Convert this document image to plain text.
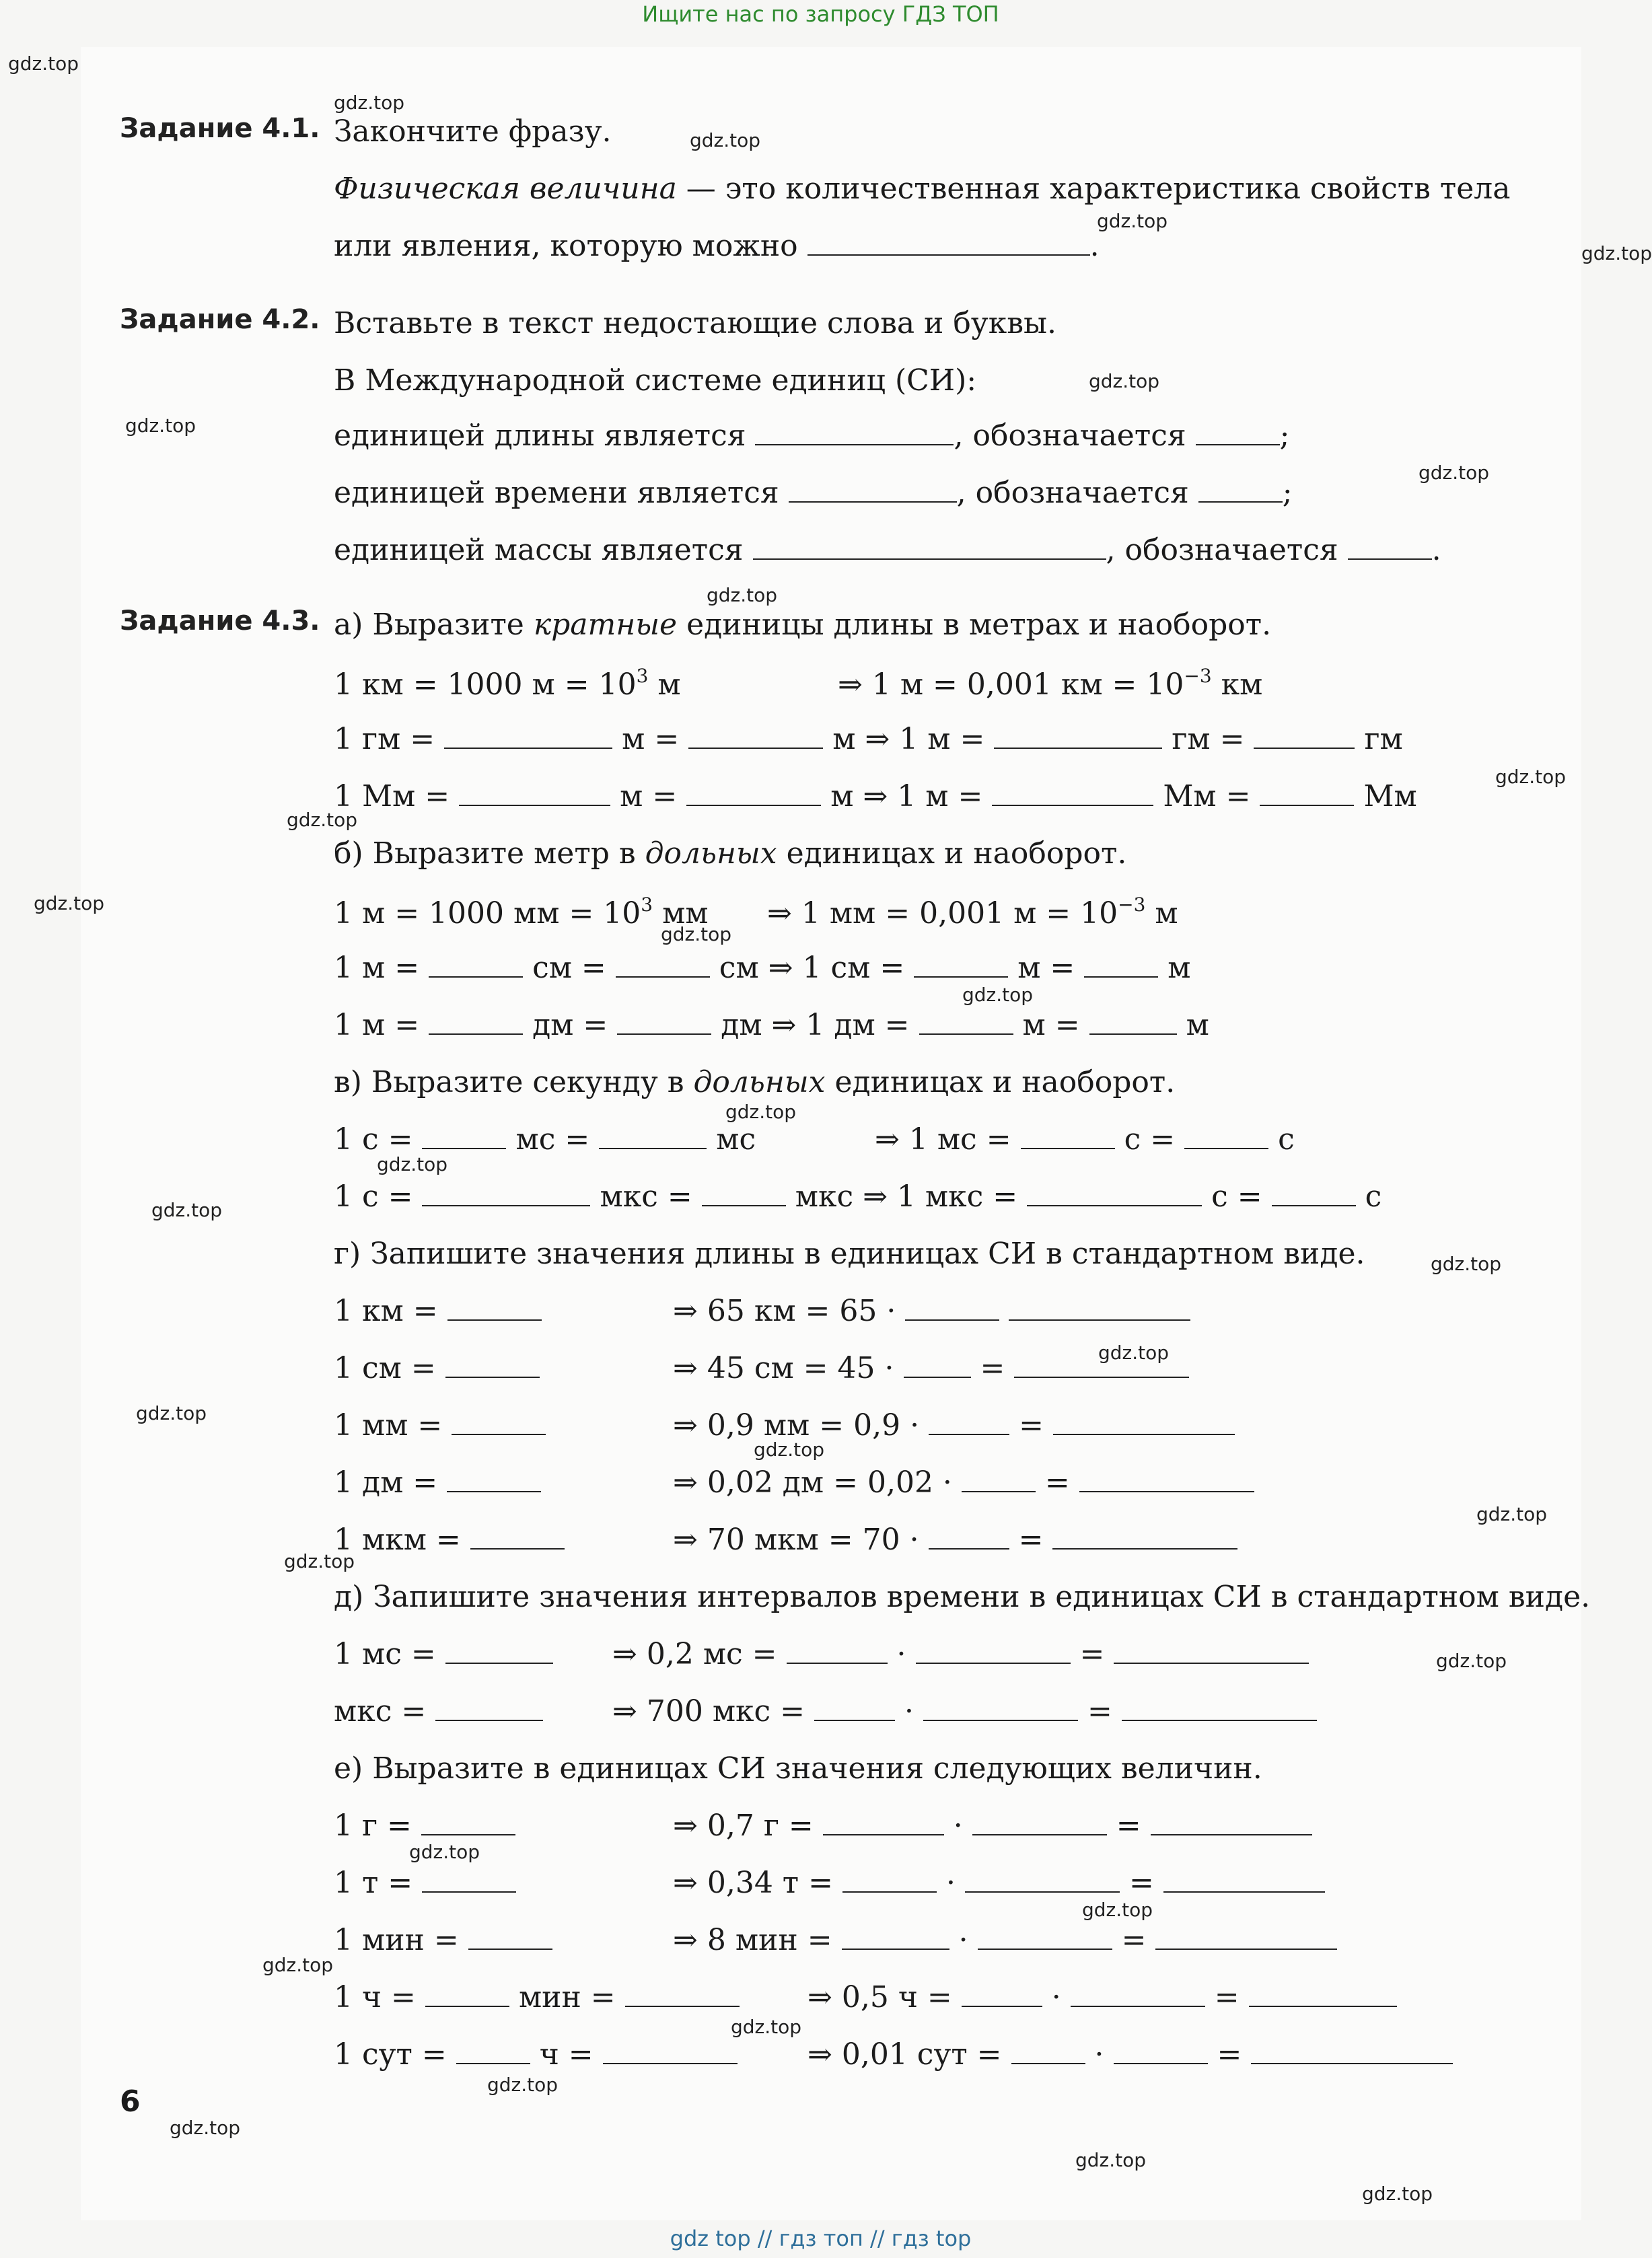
Ищите нас по запросу ГДЗ ТОП
Задание 4.1. Закончите фразу.
Физическая величина — это количественная характеристика свойств тела
или явления, которую можно	.
Задание 4.2. Вставьте в текст недостающие слова и буквы.
В Международной системе единиц (СИ):
единицей длины является	, обозначается	;
единицей времени является	, обозначается	;
единицей массы является	, обозначается	.
Задание 4.3. а) Выразите кратные единицы длины в метрах и наоборот.
1 км = 1000 $м = 10^3$ м	⇒ 1 м = 0,001 км = $10^{-3}$ км
1 гм =	м =	м ⇒ 1 м =	гм =	гм
1 Мм =	м =	м ⇒ 1 м =	Мм =	Мм
б) Выразите метр в дольных единицах и наоборот.
1 м = 1000 мм = $10^3$ мм ⇒ 1 мм = 0,001 $м = 10^{-3}$ м
1 м =	см =	см ⇒ 1 см =	м =	м
1 м =	дм =	дм ⇒ 1 дм =	м =	м
в) Выразите секунду в дольных единицах и наоборот.
1 с =	мс =	мс	⇒ 1 мс =	с =	с
1 с =	мкс =	мкс ⇒ 1 мкс =	с =	с
г) Запишите значения длины в единицах СИ в стандартном виде.
1 км =	⇒ 65 км = 65 ·
1 см =	⇒ 45 см = 45 ·	=
1 мм =	⇒ 0,9 мм = 0,9 ·	=
1 дм =	⇒ 0,02 дм = 0,02 ·	=
1 мкм =	⇒ 70 мкм = 70 ·	=
д) Запишите значения интервалов времени в единицах СИ в стандартном виде.
1 мс =	⇒ 0,2 мс =	·	=
мкс =	⇒ 700 мкс =	·	=
е) Выразите в единицах СИ значения следующих величин.
1 г =	⇒ 0,7 г =	·	=
1 т =	⇒ 0,34 т =	·	=
1 мин =	⇒ 8 мин =	·	=
1 ч =	мин =	⇒ 0,5 ч =	·	=
1 сут =	ч =	⇒ 0,01 сут =	·	=
6
gdz.top
gdz.top
gdz.top
gdz.top
gdz.top
gdz.top
gdz.top
gdz.top
gdz.top
gdz.top
gdz.top
gdz.top
gdz.top
gdz.top
gdz.top
gdz.top
gdz.top
gdz.top
gdz.top
gdz.top
gdz.top
gdz.top
gdz.top
gdz.top
gdz.top
gdz.top
gdz.top
gdz.top
gdz.top
gdz.top
gdz.top
gdz.top
gdz top // гдз топ // гдз top
